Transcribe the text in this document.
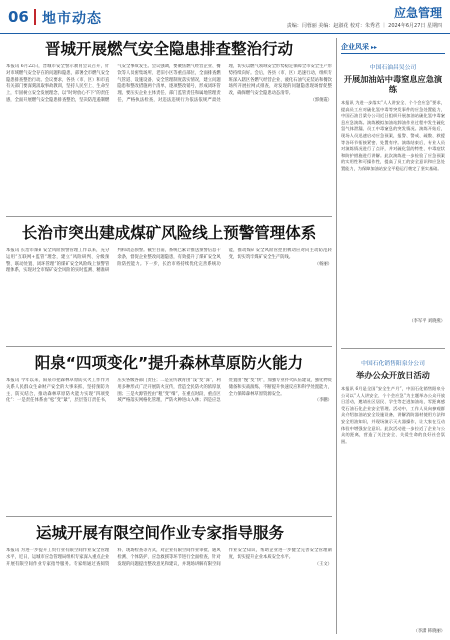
06 地市动态	应急管理
责编：闫蓉丽 美编：赵淑花 校对：朱秀君 ｜ 2024年6月27日 星期四
晋城开展燃气安全隐患排查整治行动

本报讯 6月22日，晋城市安全警示教育会议召开，针对市域燃气安全存在的问题和隐患，部署全市燃气安全隐患排查整治行动。会议要求，各县（市、区）和市直有关部门要深刻汲取事故教训，坚持人民至上、生命至上，牢固树立安全发展理念，以“时时放心不下”的责任感，全面开展燃气安全隐患排查整治，坚决防范遏制燃气安全事故发生。会议强调，要聚焦燃气经营企业、餐饮等人员密集场所、老旧小区等重点部位，全面排查燃气管道、设施设备、安全管理制度落实情况，建立问题隐患和整改措施两个清单，逐项整改销号，形成闭环管理。要压实企业主体责任、部门监管责任和属地管理责任，严格执法检查，对违法违规行为依法依规严肃处理，切实以燃气领域安全形势稳定保障全市安全生产形势持续向好。会后，各县（市、区）迅速行动，组织专班深入辖区各燃气经营企业、液化石油气充装站和餐饮场所开展拉网式排查，对发现的问题隐患现场督促整改，确保燃气安全隐患动态清零。

（郭俊霞）

长治市突出建成煤矿风险线上预警管理体系

本报讯 长治市煤矿安全风险预警管理工作以来，充分运用“互联网+监管”理念，建立“风险研判、分级预警、联动处置、闭环管理”的煤矿安全风险线上预警管理体系，实现对全市煤矿安全风险的实时监测、精准研判和动态预警。截至目前，系统已累计推送预警信息千余条，督促企业整改问题隐患，有效提升了煤矿安全风险防控能力。下一步，长治市将持续优化完善系统功能，推动煤矿安全风险管控由被动应对向主动防范转变，切实筑牢煤矿安全生产防线。

（杨丽）

阳泉“四项变化”提升森林草原防火能力

本报讯 今年以来，阳泉市把森林草原防灭火工作作为关系人民群众生命财产安全的大事来抓，坚持预防为主、防灭结合，推动森林草原防火能力实现“四项变化”：一是责任体系由“松”变“紧”，层层签订责任书，压实各级各部门责任；二是宣传教育由“浅”变“深”，利用多种形式广泛开展防火宣传，营造全民防火的浓厚氛围；三是火源管控由“粗”变“细”，在重点时段、重点区域严格落实网格化管理，严防火种进山入林；四是应急处置由“慢”变“快”，加强专业扑火队伍建设，强化物资储备和实战演练，不断提升快速反应和科学处置能力，全力保障森林草原资源安全。

（李鹏）

运城开展有限空间作业专家指导服务

本报讯 为进一步提升工贸行业有限空间作业安全管理水平，近日，运城市应急管理局组织专家深入重点企业开展有限空间作业专家指导服务。专家组通过查阅资料、现场检查等方式，对企业有限空间作业审批、通风检测、个体防护、应急救援等环节进行全面检查，针对发现的问题提出整改意见和建议，并现场讲解有限空间作业安全知识，帮助企业进一步健全完善安全管理制度，切实提升企业本质安全水平。

（王文）

企业风采 ▸▸
中国石油昌吴公司
开展加油站中毒窒息应急演练
本报讯 为进一步落实“人人讲安全、个个会应急”要求，提高员工应对硫化氢中毒等突发事件的应急处置能力，中国石油吕梁分公司近日组织开展加油站硫化氢中毒窒息应急演练。演练模拟加油站卸油作业过程中发生硫化氢气体泄漏、员工中毒窒息的突发情况。演练开始后，现场人员迅速启动应急预案，报警、警戒、疏散、救援等各环节衔接紧密、处置有序。演练结束后，专业人员对演练情况进行了点评，并对硫化氢的特性、中毒症状和防护措施进行讲解。此次演练进一步检验了应急预案的实用性和可操作性，提高了员工的安全意识和应急处置能力，为保障加油站安全平稳运行奠定了坚实基础。
（李军平 刘晓燕）
中国石化销售阳泉分公司
举办公众开放日活动
本报讯 6月是全国“安全生产月”，中国石化销售阳泉分公司以“人人讲安全、个个会应急”为主题举办公众开放日活动，邀请社区居民、学生等走进加油站，零距离感受石油石化企业安全管理。活动中，工作人员向参观群众介绍加油站安全设施设备，讲解消防器材使用方法和安全用油知识，并现场演示灭火器操作，让大家在互动体验中增强安全意识。此次活动进一步拉近了企业与公众的距离，营造了关注安全、关爱生命的良好社会氛围。
（李潇 韩晓丽）
